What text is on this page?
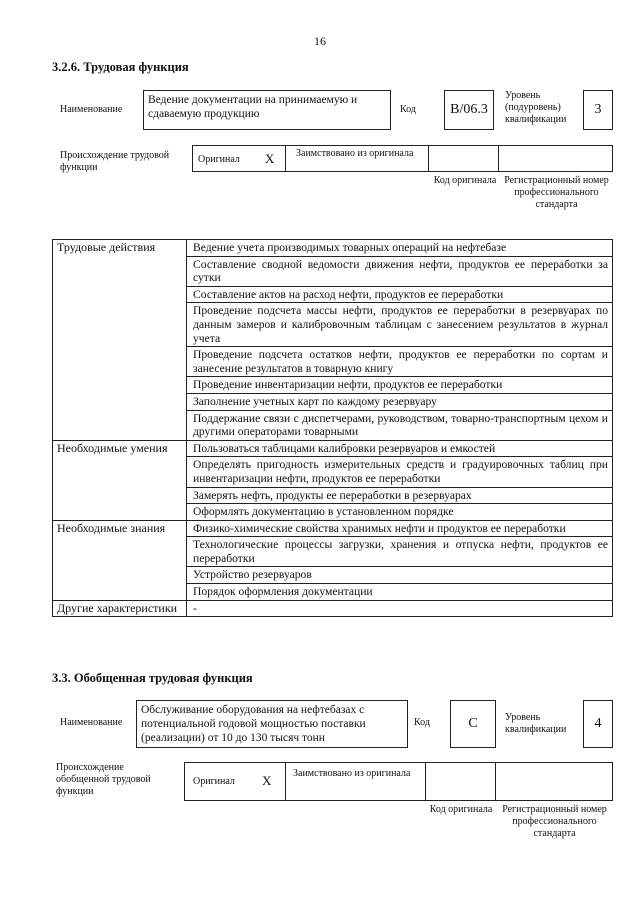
16
3.2.6. Трудовая функция
Наименование
Ведение документации на принимаемую и сдаваемую продукцию	Код B/06.3
Уровень (подуровень) квалификации
3
Происхождение трудовой функции
Оригинал X Заимствовано из оригинала
Код оригинала Регистрационный номер профессионального стандарта
Трудовые действия	Ведение учета производимых товарных операций на нефтебазе
	Составление сводной ведомости движения нефти, продуктов ее переработки за сутки
	Составление актов на расход нефти, продуктов ее переработки
	Проведение подсчета массы нефти, продуктов ее переработки в резервуарах по данным замеров и калибровочным таблицам с занесением результатов в журнал учета
	Проведение подсчета остатков нефти, продуктов ее переработки по сортам и занесение результатов в товарную книгу
	Проведение инвентаризации нефти, продуктов ее переработки
	Заполнение учетных карт по каждому резервуару
	Поддержание связи с диспетчерами, руководством, товарно-транспортным цехом и другими операторами товарными
Необходимые умения	Пользоваться таблицами калибровки резервуаров и емкостей
	Определять пригодность измерительных средств и градуировочных таблиц при инвентаризации нефти, продуктов ее переработки
	Замерять нефть, продукты ее переработки в резервуарах
	Оформлять документацию в установленном порядке
Необходимые знания	Физико-химические свойства хранимых нефти и продуктов ее переработки
	Технологические процессы загрузки, хранения и отпуска нефти, продуктов ее переработки
	Устройство резервуаров
	Порядок оформления документации
Другие характеристики	-
3.3. Обобщенная трудовая функция
Наименование
Обслуживание оборудования на нефтебазах с потенциальной годовой мощностью поставки (реализации) от 10 до 130 тысяч тонн
Код	C	Уровень квалификации	4
Происхождение обобщенной трудовой функции
Оригинал X Заимствовано из оригинала
Код оригинала Регистрационный номер профессионального стандарта
